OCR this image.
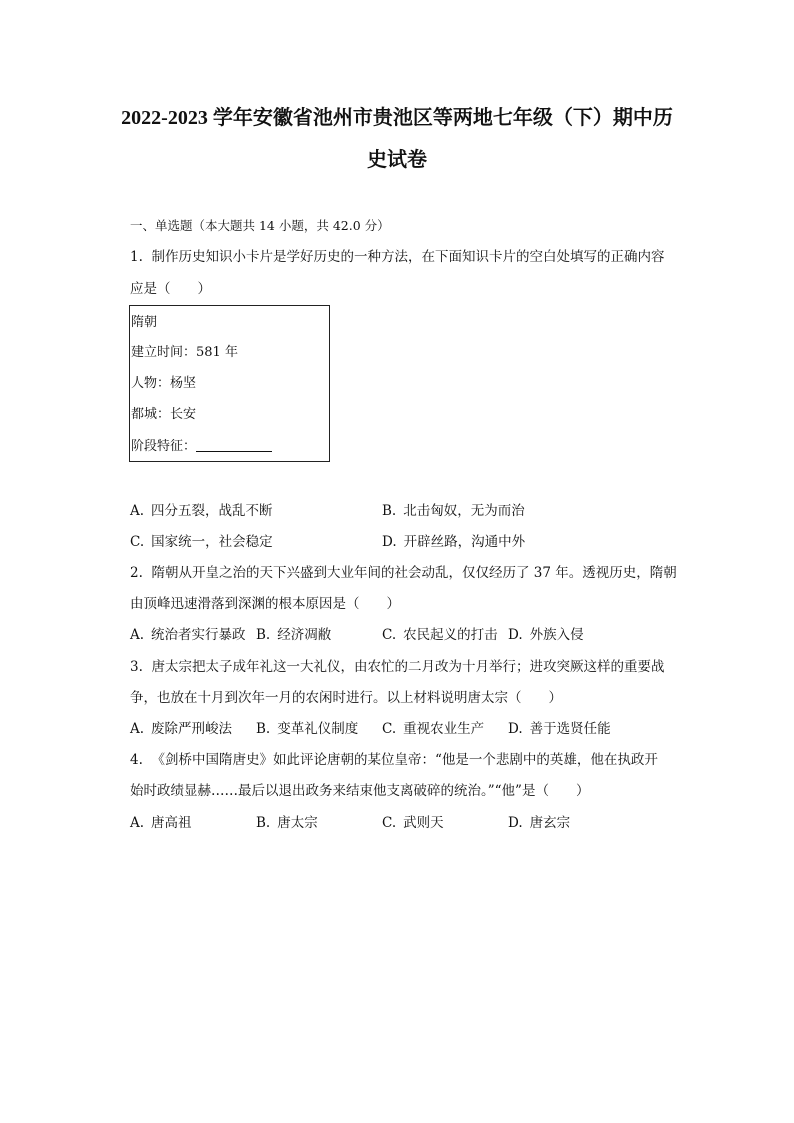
2022-2023 学年安徽省池州市贵池区等两地七年级（下）期中历
史试卷
一、单选题（本大题共 14 小题，共 42.0 分）
1. 制作历史知识小卡片是学好历史的一种方法，在下面知识卡片的空白处填写的正确内容
应是（　　）
隋朝
建立时间：581 年
人物：杨坚
都城：长安
阶段特征：
A. 四分五裂，战乱不断	B. 北击匈奴，无为而治
C. 国家统一，社会稳定	D. 开辟丝路，沟通中外
2. 隋朝从开皇之治的天下兴盛到大业年间的社会动乱，仅仅经历了 37 年。透视历史，隋朝
由顶峰迅速滑落到深渊的根本原因是（　　）
A. 统治者实行暴政 B. 经济凋敝	C. 农民起义的打击 D. 外族入侵
3. 唐太宗把太子成年礼这一大礼仪，由农忙的二月改为十月举行；进攻突厥这样的重要战
争，也放在十月到次年一月的农闲时进行。以上材料说明唐太宗（　　）
A. 废除严刑峻法 B. 变革礼仪制度 C. 重视农业生产 D. 善于选贤任能
4. 《剑桥中国隋唐史》如此评论唐朝的某位皇帝：“他是一个悲剧中的英雄，他在执政开
始时政绩显赫……最后以退出政务来结束他支离破碎的统治。”“他”是（　　）
A. 唐高祖	B. 唐太宗	C. 武则天	D. 唐玄宗
